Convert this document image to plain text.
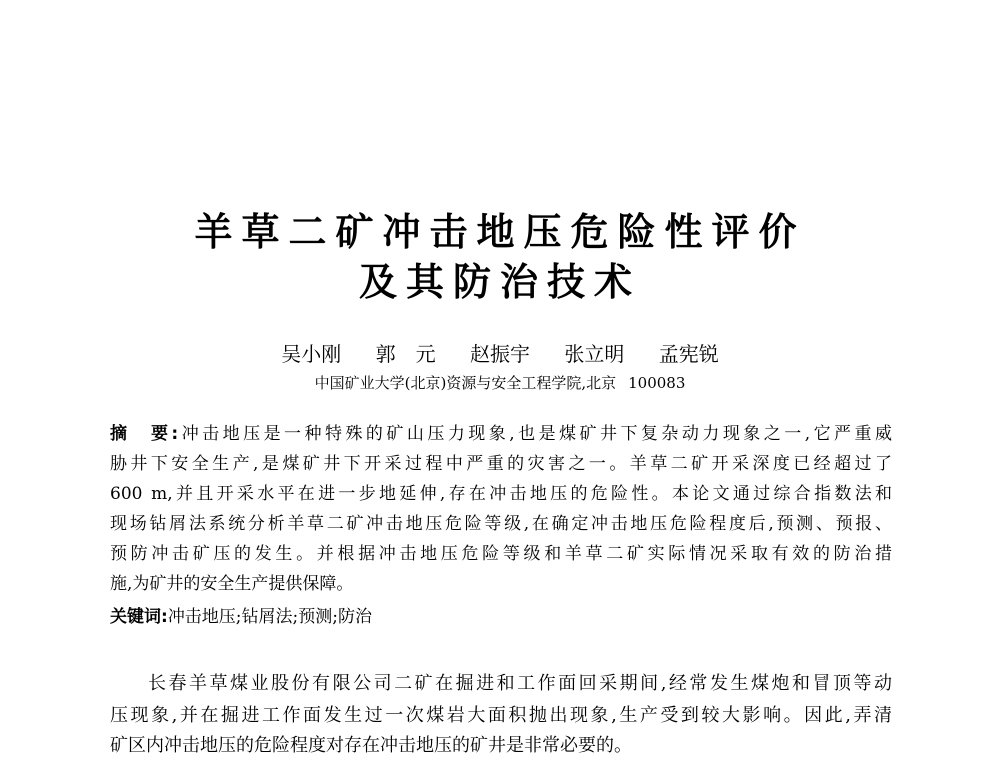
羊草二矿冲击地压危险性评价
及其防治技术
吴小刚 郭　元 赵振宇 张立明 孟宪锐
中国矿业大学(北京)资源与安全工程学院,北京 100083
摘　要:冲击地压是一种特殊的矿山压力现象,也是煤矿井下复杂动力现象之一,它严重威
胁井下安全生产,是煤矿井下开采过程中严重的灾害之一。羊草二矿开采深度已经超过了
600 m,并且开采水平在进一步地延伸,存在冲击地压的危险性。本论文通过综合指数法和
现场钻屑法系统分析羊草二矿冲击地压危险等级,在确定冲击地压危险程度后,预测、预报、
预防冲击矿压的发生。并根据冲击地压危险等级和羊草二矿实际情况采取有效的防治措
施,为矿井的安全生产提供保障。
关键词:冲击地压;钻屑法;预测;防治
长春羊草煤业股份有限公司二矿在掘进和工作面回采期间,经常发生煤炮和冒顶等动
压现象,并在掘进工作面发生过一次煤岩大面积抛出现象,生产受到较大影响。因此,弄清
矿区内冲击地压的危险程度对存在冲击地压的矿井是非常必要的。
